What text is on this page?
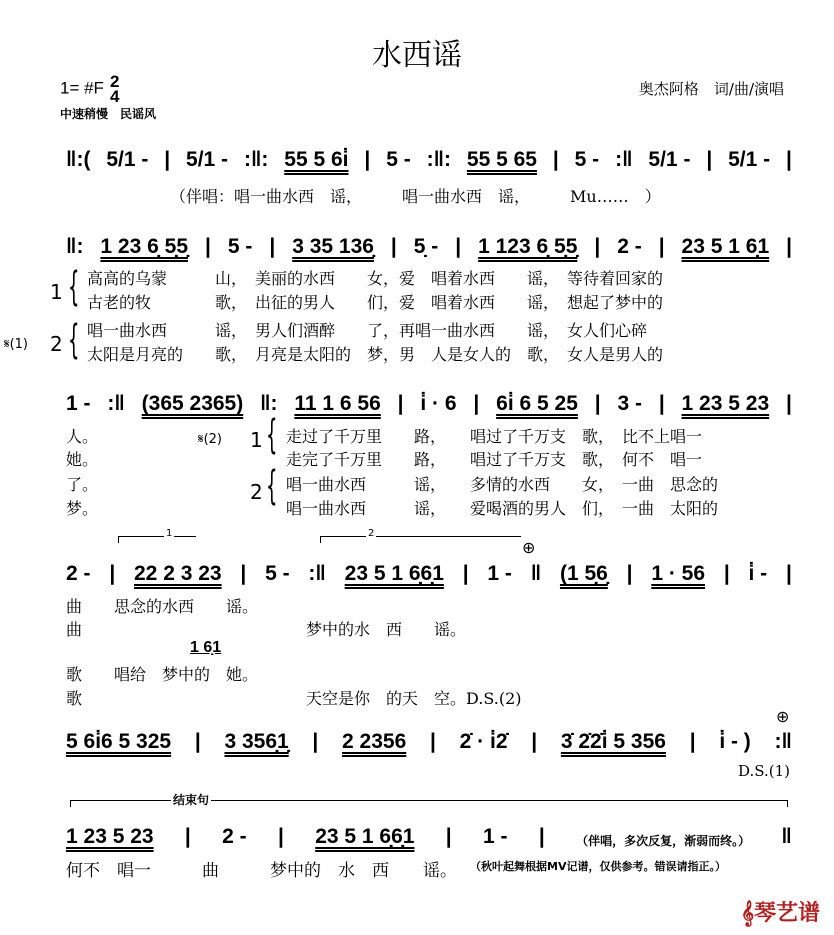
水西谣
1= #F 2
4
中速稍慢　民谣风
奥杰阿格　词/曲/演唱
‖:( 5/1 - | 5/1 - :‖: 55 5 6i̇ | 5 - :‖: 55 5 65 | 5 - :‖ 5/1 - | 5/1 - |
（伴唱：唱一曲水西　谣，　　　唱一曲水西　谣，　　　Mu……　）
‖: 1 23 6̣ 5̣5̣ | 5 - | 3 35 136̣ | 5̣ - | 1 123 6̣ 5̣5̣ | 2 - | 23 5 1 6̣1 |
1 {
𝄋(1) 2 {
高高的乌蒙　　　山，　美丽的水西　　女，爱　唱着水西　　谣，　等待着回家的
古老的牧　　　　歌，　出征的男人　　们，爱　唱着水西　　谣，　想起了梦中的
唱一曲水西　　　谣，　男人们酒醉　　了，再唱一曲水西　　谣，　女人们心碎
太阳是月亮的　　歌，　月亮是太阳的　梦，男　人是女人的　歌，　女人是男人的
1 - :‖ (365 2365) ‖: 11 1 6 56 | i̇ · 6 | 6i̇ 6 5 25 | 3 - | 1 23 5 23 |
人。
她。
了。
梦。
𝄋(2) 1 {
2 {
走过了千万里　　路，　　唱过了千万支　歌，　比不上唱一
走完了千万里　　路，　　唱过了千万支　歌，　何不　唱一
唱一曲水西　　　谣，　　多情的水西　　女，　一曲　思念的
唱一曲水西　　　谣，　　爱喝酒的男人　们，　一曲　太阳的
1	2
⊕
2 - | 22 2 3 23 | 5 - :‖ 23 5 1 6̣6̣1 | 1 - ‖ (1 5̣6̣ | 1 · 56 | i̇ - |
曲　　思念的水西　　谣。
曲　　　　　　　　　　　　　　梦中的水　西　　谣。
1 6̣1
歌　　唱给　梦中的　她。
歌　　　　　　　　　　　　　　天空是你　的天　空。D.S.(2)
⊕
5 6i̇6 5 325 | 3 356̣1̣ | 2 2356 | 2̇ · i̇2̇ | 3̇ 2̇2̇i̇ 5 356 | i̇ - ) :‖
D.S.(1)
结束句
1 23 5 23 | 2 - | 23 5 1 6̣6̣1 | 1 - |	（伴唱，多次反复，渐弱而终。） ‖
何不　唱一　　　曲　　　梦中的　水　西　　谣。 （秋叶起舞根据MV记谱，仅供参考。错误请指正。）
𝄞琴艺谱
